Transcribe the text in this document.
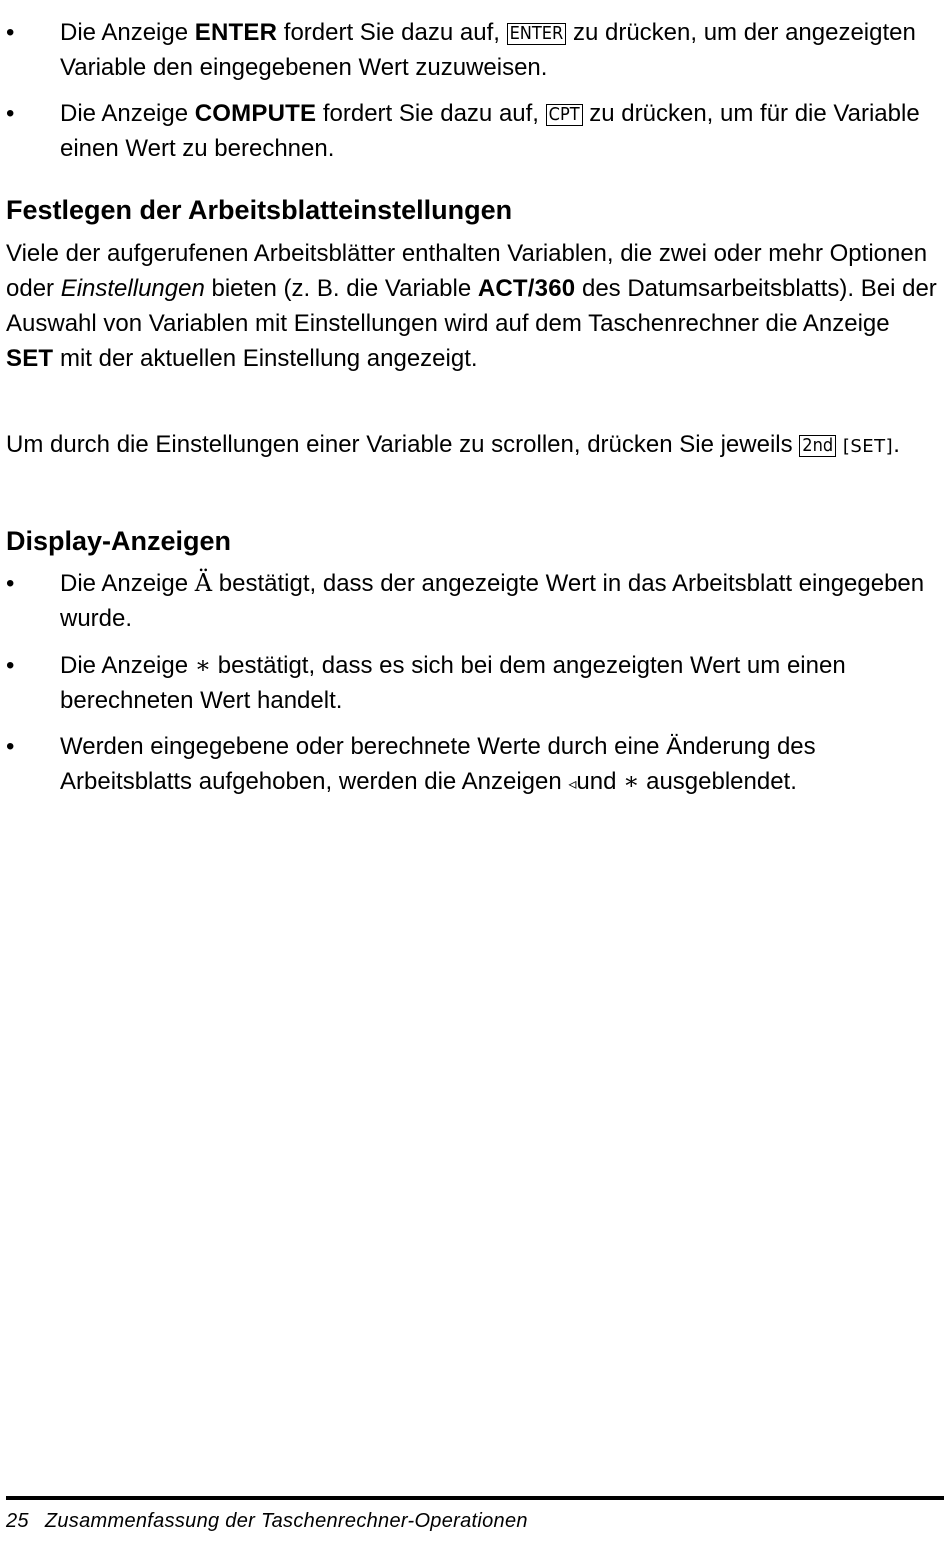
•	Die Anzeige ENTER fordert Sie dazu auf, ENTER zu drücken, um der angezeigten Variable den eingegebenen Wert zuzuweisen.
•	Die Anzeige COMPUTE fordert Sie dazu auf, CPT zu drücken, um für die Variable einen Wert zu berechnen.
Festlegen der Arbeitsblatteinstellungen

Viele der aufgerufenen Arbeitsblätter enthalten Variablen, die zwei oder mehr Optionen oder Einstellungen bieten (z. B. die Variable ACT/360 des Datumsarbeitsblatts). Bei der Auswahl von Variablen mit Einstellungen wird auf dem Taschenrechner die Anzeige SET mit der aktuellen Einstellung angezeigt.

Um durch die Einstellungen einer Variable zu scrollen, drücken Sie jeweils 2nd [SET].

Display-Anzeigen
•	Die Anzeige Ä bestätigt, dass der angezeigte Wert in das Arbeitsblatt eingegeben wurde.
•	Die Anzeige ∗ bestätigt, dass es sich bei dem angezeigten Wert um einen berechneten Wert handelt.
•	Werden eingegebene oder berechnete Werte durch eine Änderung des Arbeitsblatts aufgehoben, werden die Anzeigen ◃und ∗ ausgeblendet.
25 Zusammenfassung der Taschenrechner-Operationen
